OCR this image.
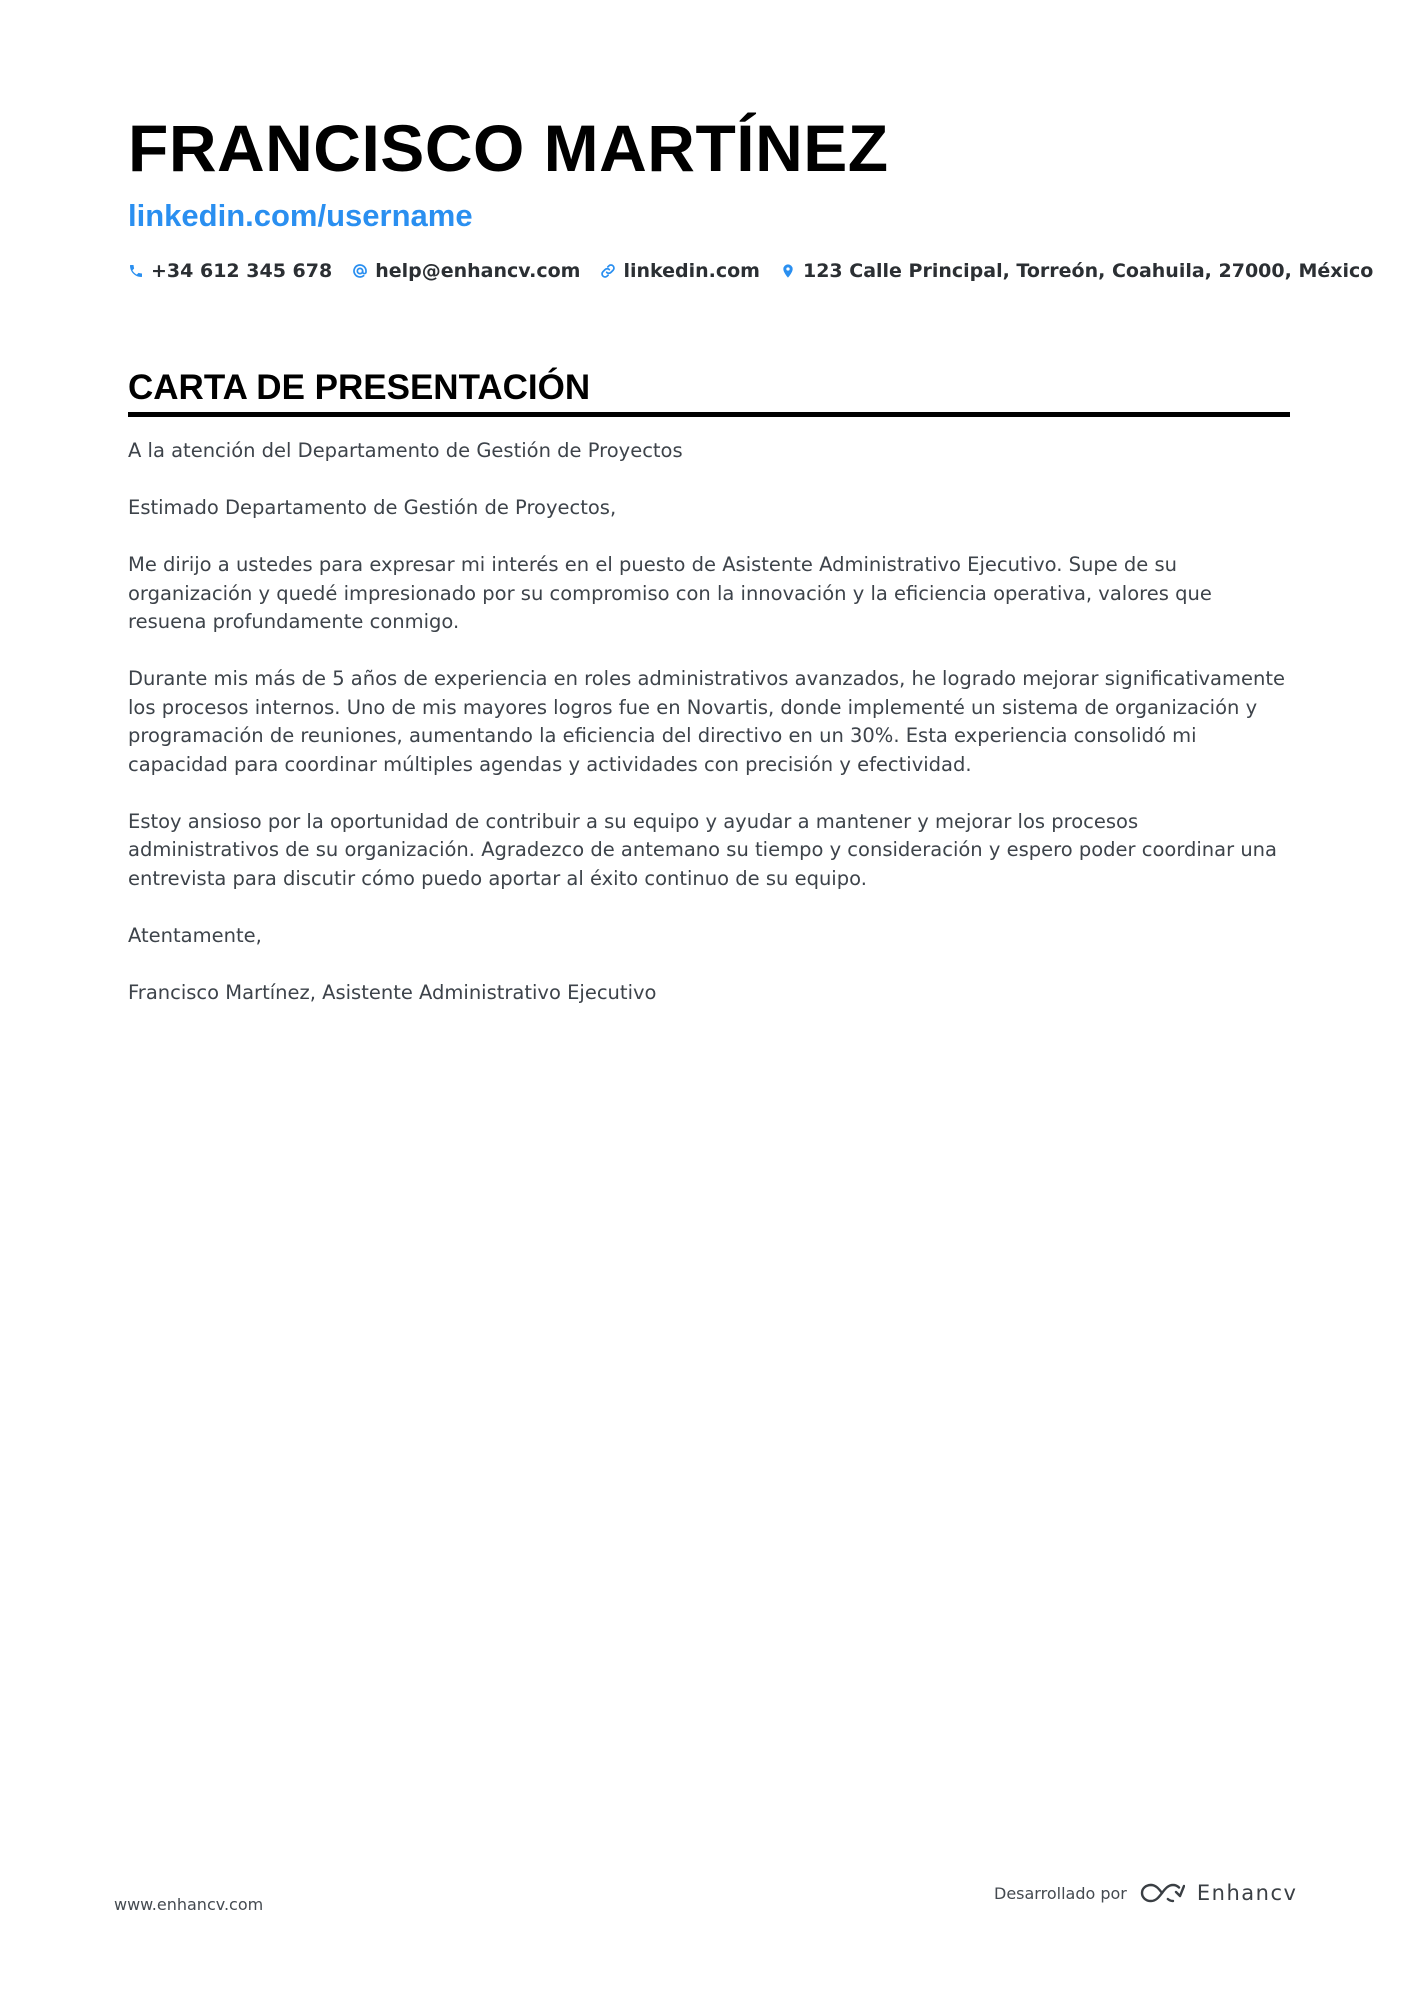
FRANCISCO MARTÍNEZ
linkedin.com/username
+34 612 345 678 help@enhancv.com linkedin.com 123 Calle Principal, Torreón, Coahuila, 27000, México
CARTA DE PRESENTACIÓN

A la atención del Departamento de Gestión de Proyectos

Estimado Departamento de Gestión de Proyectos,

Me dirijo a ustedes para expresar mi interés en el puesto de Asistente Administrativo Ejecutivo. Supe de su organización y quedé impresionado por su compromiso con la innovación y la eficiencia operativa, valores que resuena profundamente conmigo.

Durante mis más de 5 años de experiencia en roles administrativos avanzados, he logrado mejorar significativamente los procesos internos. Uno de mis mayores logros fue en Novartis, donde implementé un sistema de organización y programación de reuniones, aumentando la eficiencia del directivo en un 30%. Esta experiencia consolidó mi capacidad para coordinar múltiples agendas y actividades con precisión y efectividad.

Estoy ansioso por la oportunidad de contribuir a su equipo y ayudar a mantener y mejorar los procesos administrativos de su organización. Agradezco de antemano su tiempo y consideración y espero poder coordinar una entrevista para discutir cómo puedo aportar al éxito continuo de su equipo.

Atentamente,

Francisco Martínez, Asistente Administrativo Ejecutivo

www.enhancv.com
Desarrollado por	Enhancv
